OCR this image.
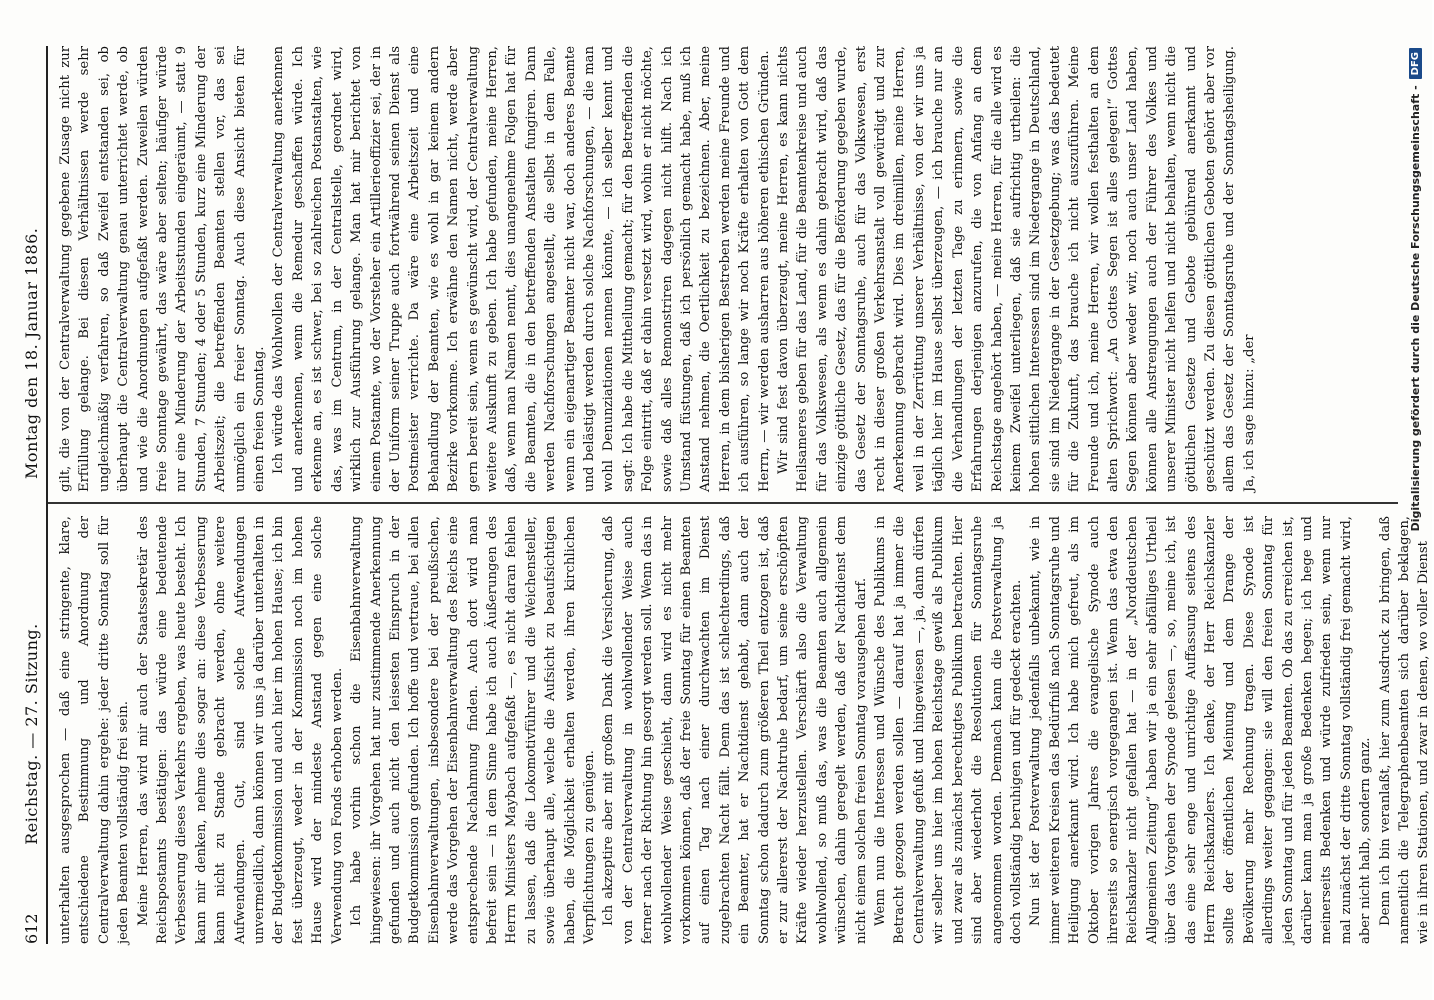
612
Reichstag. — 27. Sitzung.
Montag den 18. Januar 1886.

unterhalten ausgesprochen — daß eine stringente, klare, entschiedene Bestimmung und Anordnung der Centralverwaltung dahin ergehe: jeder dritte Sonntag soll für jeden Beamten vollständig frei sein. Meine Herren, das wird mir auch der Staatssekretär des Reichspostamts bestätigen: das würde eine bedeutende Verbesserung dieses Verkehrs ergeben, was heute besteht. Ich kann mir denken, nehme dies sogar an: diese Verbesserung kann nicht zu Stande gebracht werden, ohne weitere Aufwendungen. Gut, sind solche Aufwendungen unvermeidlich, dann können wir uns ja darüber unterhalten in der Budgetkommission und auch hier im hohen Hause; ich bin fest überzeugt, weder in der Kommission noch im hohen Hause wird der mindeste Anstand gegen eine solche Verwendung von Fonds erhoben werden. Ich habe vorhin schon die Eisenbahnverwaltung hingewiesen: ihr Vorgehen hat nur zustimmende Anerkennung gefunden und auch nicht den leisesten Einspruch in der Budgetkommission gefunden. Ich hoffe und vertraue, bei allen Eisenbahnverwaltungen, insbesondere bei der preußischen, werde das Vorgehen der Eisenbahnverwaltung des Reichs eine entsprechende Nachahmung finden. Auch dort wird man befreit sein — in dem Sinne habe ich auch Äußerungen des Herrn Ministers Maybach aufgefaßt —, es nicht daran fehlen zu lassen, daß die Lokomotivführer und die Weichensteller, sowie überhaupt alle, welche die Aufsicht zu beaufsichtigen haben, die Möglichkeit erhalten werden, ihren kirchlichen Verpflichtungen zu genügen. Ich akzeptire aber mit großem Dank die Versicherung, daß von der Centralverwaltung in wohlwollender Weise auch ferner nach der Richtung hin gesorgt werden soll. Wenn das in wohlwollender Weise geschieht, dann wird es nicht mehr vorkommen können, daß der freie Sonntag für einen Beamten auf einen Tag nach einer durchwachten im Dienst zugebrachten Nacht fällt. Denn das ist schlechterdings, daß ein Beamter, hat er Nachtdienst gehabt, dann auch der Sonntag schon dadurch zum größeren Theil entzogen ist, daß er zur allererst der Nachtruhe bedarf, um seine erschöpften Kräfte wieder herzustellen. Verschärft also die Verwaltung wohlwollend, so muß das, was die Beamten auch allgemein wünschen, dahin geregelt werden, daß der Nachtdienst dem nicht einem solchen freien Sonntag vorausgehen darf. Wenn nun die Interessen und Wünsche des Publikums in Betracht gezogen werden sollen — darauf hat ja immer die Centralverwaltung gefußt und hingewiesen —, ja, dann dürfen wir selber uns hier im hohen Reichstage gewiß als Publikum und zwar als zunächst berechtigtes Publikum betrachten. Hier sind aber wiederholt die Resolutionen für Sonntagsruhe angenommen worden. Demnach kann die Postverwaltung ja doch vollständig beruhigen und für gedeckt erachten. Nun ist der Postverwaltung jedenfalls unbekannt, wie in immer weiteren Kreisen das Bedürfniß nach Sonntagsruhe und Heiligung anerkannt wird. Ich habe mich gefreut, als im Oktober vorigen Jahres die evangelische Synode auch ihrerseits so energisch vorgegangen ist. Wenn das etwa den Reichskanzler nicht gefallen hat — in der „Norddeutschen Allgemeinen Zeitung“ haben wir ja ein sehr abfälliges Urtheil über das Vorgehen der Synode gelesen —, so, meine ich, ist das eine sehr enge und unrichtige Auffassung seitens des Herrn Reichskanzlers. Ich denke, der Herr Reichskanzler sollte der öffentlichen Meinung und dem Drange der Bevölkerung mehr Rechnung tragen. Diese Synode ist allerdings weiter gegangen: sie will den freien Sonntag für jeden Sonntag und für jeden Beamten. Ob das zu erreichen ist, darüber kann man ja große Bedenken hegen; ich hege und meinerseits Bedenken und würde zufrieden sein, wenn nur mal zunächst der dritte Sonntag vollständig frei gemacht wird, aber nicht halb, sondern ganz. Denn ich bin veranlaßt, hier zum Ausdruck zu bringen, daß namentlich die Telegraphenbeamten sich darüber beklagen, wie in ihren Stationen, und zwar in denen, wo voller Dienst

gilt, die von der Centralverwaltung gegebene Zusage nicht zur Erfüllung gelange. Bei diesen Verhältnissen werde sehr ungleichmäßig verfahren, so daß Zweifel entstanden sei, ob überhaupt die Centralverwaltung genau unterrichtet werde, ob und wie die Anordnungen aufgefaßt werden. Zuweilen würden freie Sonntage gewährt, das wäre aber selten; häufiger würde nur eine Minderung der Arbeitsstunden eingeräumt, — statt 9 Stunden, 7 Stunden; 4 oder 5 Stunden, kurz eine Minderung der Arbeitszeit; die betreffenden Beamten stellen vor, das sei unmöglich ein freier Sonntag. Auch diese Ansicht bieten für einen freien Sonntag. Ich würde das Wohlwollen der Centralverwaltung anerkennen und anerkennen, wenn die Remedur geschaffen würde. Ich erkenne an, es ist schwer, bei so zahlreichen Postanstalten, wie das, was im Centrum, in der Centralstelle, geordnet wird, wirklich zur Ausführung gelange. Man hat mir berichtet von einem Postamte, wo der Vorsteher ein Artillerieoffizier sei, der in der Uniform seiner Truppe auch fortwährend seinen Dienst als Postmeister verrichte. Da wäre eine Arbeitszeit und eine Behandlung der Beamten, wie es wohl in gar keinem andern Bezirke vorkomme. Ich erwähne den Namen nicht, werde aber gern bereit sein, wenn es gewünscht wird, der Centralverwaltung weitere Auskunft zu geben. Ich habe gefunden, meine Herren, daß, wenn man Namen nennt, dies unangenehme Folgen hat für die Beamten, die in den betreffenden Anstalten fungiren. Dann werden Nachforschungen angestellt, die selbst in dem Falle, wenn ein eigenartiger Beamter nicht war, doch anderes Beamte und belästigt werden durch solche Nachforschungen, — die man wohl Denunziationen nennen könnte, — ich selber kennt und sagt: Ich habe die Mittheilung gemacht; für den Betreffenden die Folge eintritt, daß er dahin versetzt wird, wohin er nicht möchte, sowie daß alles Remonstriren dagegen nicht hilft. Nach ich Umstand füstungen, daß ich persönlich gemacht habe, muß ich Anstand nehmen, die Oertlichkeit zu bezeichnen. Aber, meine Herren, in dem bisherigen Bestreben werden meine Freunde und ich ausführen, so lange wir noch Kräfte erhalten von Gott dem Herrn, — wir werden ausharren aus höheren ethischen Gründen. Wir sind fest davon überzeugt, meine Herren, es kann nichts Heilsameres geben für das Land, für die Beamtenkreise und auch für das Volkswesen, als wenn es dahin gebracht wird, daß das einzige göttliche Gesetz, das für die Beförderung gegeben wurde, das Gesetz der Sonntagsruhe, auch für das Volkswesen, erst recht in dieser großen Verkehrsanstalt voll gewürdigt und zur Anerkennung gebracht wird. Dies im dreimillen, meine Herren, weil in der Zerrüttung unserer Verhältnisse, von der wir uns ja täglich hier im Hause selbst überzeugen, — ich brauche nur an die Verhandlungen der letzten Tage zu erinnern, sowie die Erfahrungen derjenigen anzurufen, die von Anfang an dem Reichstage angehört haben, — meine Herren, für die alle wird es keinem Zweifel unterliegen, daß sie aufrichtig urtheilen: die hohen sittlichen Interessen sind im Niedergange in Deutschland, sie sind im Niedergange in der Gesetzgebung; was das bedeutet für die Zukunft, das brauche ich nicht auszuführen. Meine Freunde und ich, meine Herren, wir wollen festhalten an dem alten Sprichwort: „An Gottes Segen ist alles gelegen!“ Gottes Segen können aber weder wir, noch auch unser Land haben, können alle Anstrengungen auch der Führer des Volkes und unserer Minister nicht helfen und nicht behalten, wenn nicht die göttlichen Gesetze und Gebote gebührend anerkannt und geschützt werden. Zu diesen göttlichen Geboten gehört aber vor allem das Gesetz der Sonntagsruhe und der Sonntagsheiligung. Ja, ich sage hinzu: „der	Digitalisierung gefördert durch die Deutsche Forschungsgemeinschaft -
DFG
